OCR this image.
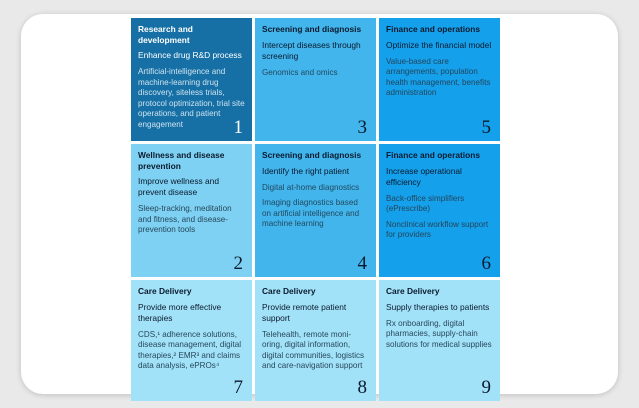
Research and development
Enhance drug R&D process
Artificial-intelligence and machine-learning drug discovery, siteless trials, protocol optimization, trial site operations, and patient engagement	1
Screening and diagnosis
Intercept diseases through screening
Genomics and omics
3
Finance and operations
Optimize the financial model
Value-based care arrangements, population health management, benefits administration
5
Wellness and disease prevention
Improve wellness and prevent disease
Sleep-tracking, meditation and fitness, and disease-prevention tools
2
Screening and diagnosis
Identify the right patient
Digital at-home diagnostics
Imaging diagnostics based on artificial intelligence and machine learning
4
Finance and operations
Increase operational efficiency
Back-office simplifiers (ePrescribe)
Nonclinical workflow support for providers
6
Care Delivery
Provide more effective therapies
CDS,¹ adherence solutions, disease management, digital therapies,² EMR³ and claims data analysis, ePROs⁴
7
Care Delivery
Provide remote patient support
Telehealth, remote moni-oring, digital information, digital communities, logistics and care-navigation support
8
Care Delivery
Supply therapies to patients
Rx onboarding, digital pharmacies, supply-chain solutions for medical supplies
9
